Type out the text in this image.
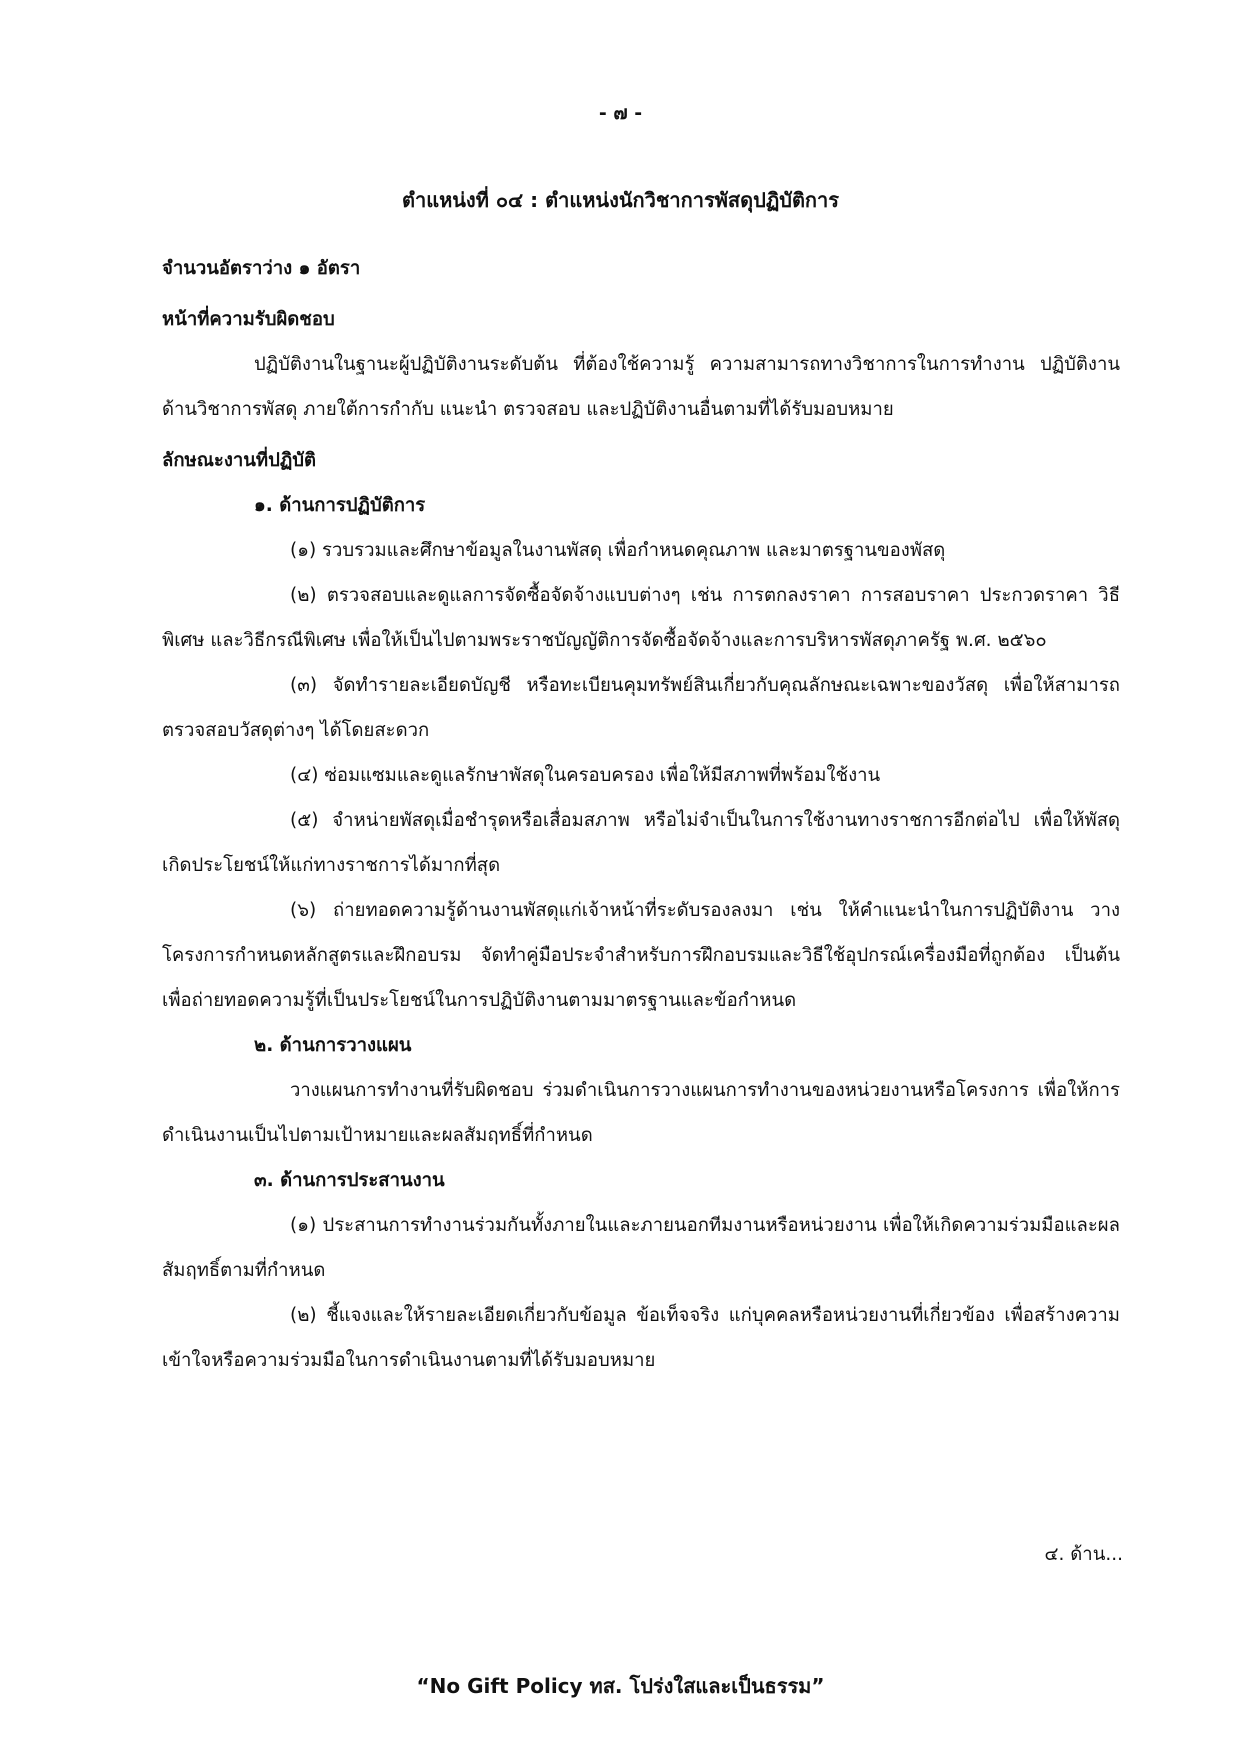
- ๗ -
ตำแหน่งที่ ๐๔ : ตำแหน่งนักวิชาการพัสดุปฏิบัติการ

จำนวนอัตราว่าง ๑ อัตรา

หน้าที่ความรับผิดชอบ

ปฏิบัติงานในฐานะผู้ปฏิบัติงานระดับต้น ที่ต้องใช้ความรู้ ความสามารถทางวิชาการในการทำงาน ปฏิบัติงานด้านวิชาการพัสดุ ภายใต้การกำกับ แนะนำ ตรวจสอบ และปฏิบัติงานอื่นตามที่ได้รับมอบหมาย

ลักษณะงานที่ปฏิบัติ

๑. ด้านการปฏิบัติการ

(๑) รวบรวมและศึกษาข้อมูลในงานพัสดุ เพื่อกำหนดคุณภาพ และมาตรฐานของพัสดุ

(๒) ตรวจสอบและดูแลการจัดซื้อจัดจ้างแบบต่างๆ เช่น การตกลงราคา การสอบราคา ประกวดราคา วิธีพิเศษ และวิธีกรณีพิเศษ เพื่อให้เป็นไปตามพระราชบัญญัติการจัดซื้อจัดจ้างและการบริหารพัสดุภาครัฐ พ.ศ. ๒๕๖๐

(๓) จัดทำรายละเอียดบัญชี หรือทะเบียนคุมทรัพย์สินเกี่ยวกับคุณลักษณะเฉพาะของวัสดุ เพื่อให้สามารถตรวจสอบวัสดุต่างๆ ได้โดยสะดวก

(๔) ซ่อมแซมและดูแลรักษาพัสดุในครอบครอง เพื่อให้มีสภาพที่พร้อมใช้งาน

(๕) จำหน่ายพัสดุเมื่อชำรุดหรือเสื่อมสภาพ หรือไม่จำเป็นในการใช้งานทางราชการอีกต่อไป เพื่อให้พัสดุเกิดประโยชน์ให้แก่ทางราชการได้มากที่สุด

(๖) ถ่ายทอดความรู้ด้านงานพัสดุแก่เจ้าหน้าที่ระดับรองลงมา เช่น ให้คำแนะนำในการปฏิบัติงาน วางโครงการกำหนดหลักสูตรและฝึกอบรม จัดทำคู่มือประจำสำหรับการฝึกอบรมและวิธีใช้อุปกรณ์เครื่องมือที่ถูกต้อง เป็นต้น เพื่อถ่ายทอดความรู้ที่เป็นประโยชน์ในการปฏิบัติงานตามมาตรฐานและข้อกำหนด

๒. ด้านการวางแผน

วางแผนการทำงานที่รับผิดชอบ ร่วมดำเนินการวางแผนการทำงานของหน่วยงานหรือโครงการ เพื่อให้การดำเนินงานเป็นไปตามเป้าหมายและผลสัมฤทธิ์ที่กำหนด

๓. ด้านการประสานงาน

(๑) ประสานการทำงานร่วมกันทั้งภายในและภายนอกทีมงานหรือหน่วยงาน เพื่อให้เกิดความร่วมมือและผลสัมฤทธิ์ตามที่กำหนด

(๒) ชี้แจงและให้รายละเอียดเกี่ยวกับข้อมูล ข้อเท็จจริง แก่บุคคลหรือหน่วยงานที่เกี่ยวข้อง เพื่อสร้างความเข้าใจหรือความร่วมมือในการดำเนินงานตามที่ได้รับมอบหมาย

๔. ด้าน...
“No Gift Policy ทส. โปร่งใสและเป็นธรรม”
